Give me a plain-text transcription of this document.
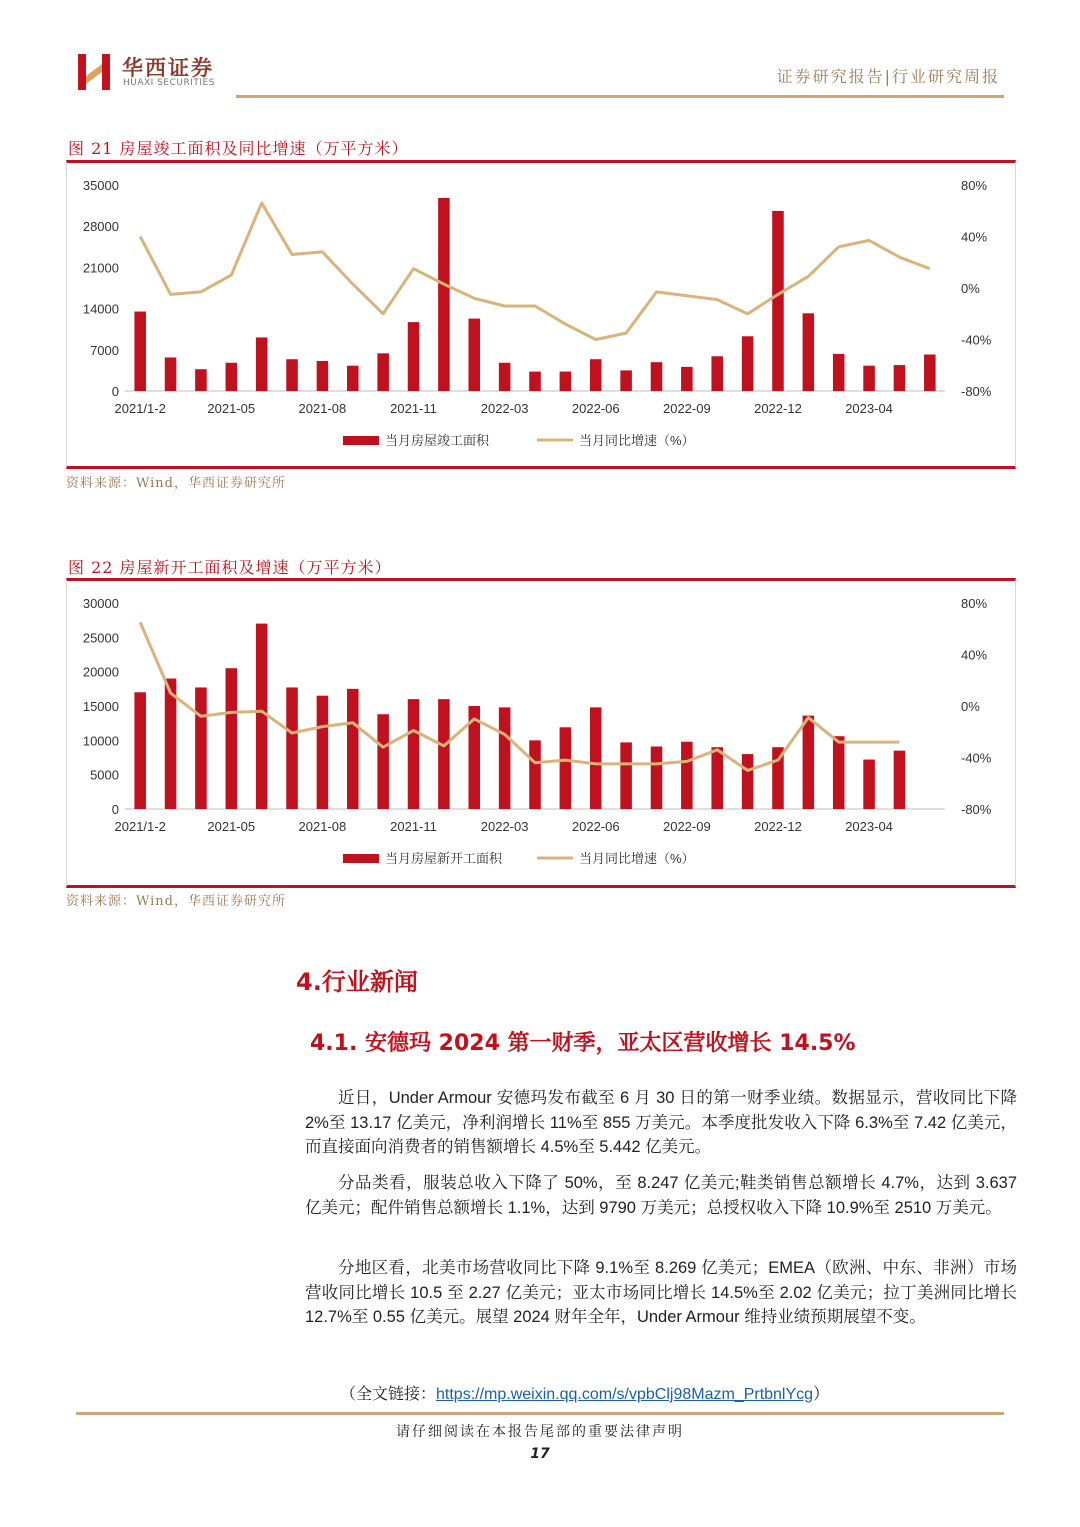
华西证券
HUAXI SECURITIES	证券研究报告|行业研究周报
图 21 房屋竣工面积及同比增速（万平方米）
0
7000
14000
21000
28000
35000
-80%
-40%
0%
40%
80%
2021/1-2	2021-05	2021-08	2021-11	2022-03	2022-06	2022-09	2022-12	2023-04
当月房屋竣工面积	当月同比增速（%）
资料来源：Wind，华西证券研究所
图 22 房屋新开工面积及增速（万平方米）
0
5000
10000
15000
20000
25000
30000
-80%
-40%
0%
40%
80%
2021/1-2	2021-05	2021-08	2021-11	2022-03	2022-06	2022-09	2022-12	2023-04
当月房屋新开工面积	当月同比增速（%）
资料来源：Wind，华西证券研究所
4.行业新闻
4.1. 安德玛 2024 第一财季，亚太区营收增长 14.5%
近日，Under Armour 安德玛发布截至 6 月 30 日的第一财季业绩。数据显示，营收同比下降 2%至 13.17 亿美元，净利润增长 11%至 855 万美元。本季度批发收入下降 6.3%至 7.42 亿美元，而直接面向消费者的销售额增长 4.5%至 5.442 亿美元。
分品类看，服装总收入下降了 50%，至 8.247 亿美元;鞋类销售总额增长 4.7%，达到 3.637 亿美元；配件销售总额增长 1.1%，达到 9790 万美元；总授权收入下降 10.9%至 2510 万美元。
分地区看，北美市场营收同比下降 9.1%至 8.269 亿美元；EMEA（欧洲、中东、非洲）市场营收同比增长 10.5 至 2.27 亿美元；亚太市场同比增长 14.5%至 2.02 亿美元；拉丁美洲同比增长 12.7%至 0.55 亿美元。展望 2024 财年全年，Under Armour 维持业绩预期展望不变。
（全文链接：https://mp.weixin.qq.com/s/vpbClj98Mazm_PrtbnlYcg）
请仔细阅读在本报告尾部的重要法律声明
17
